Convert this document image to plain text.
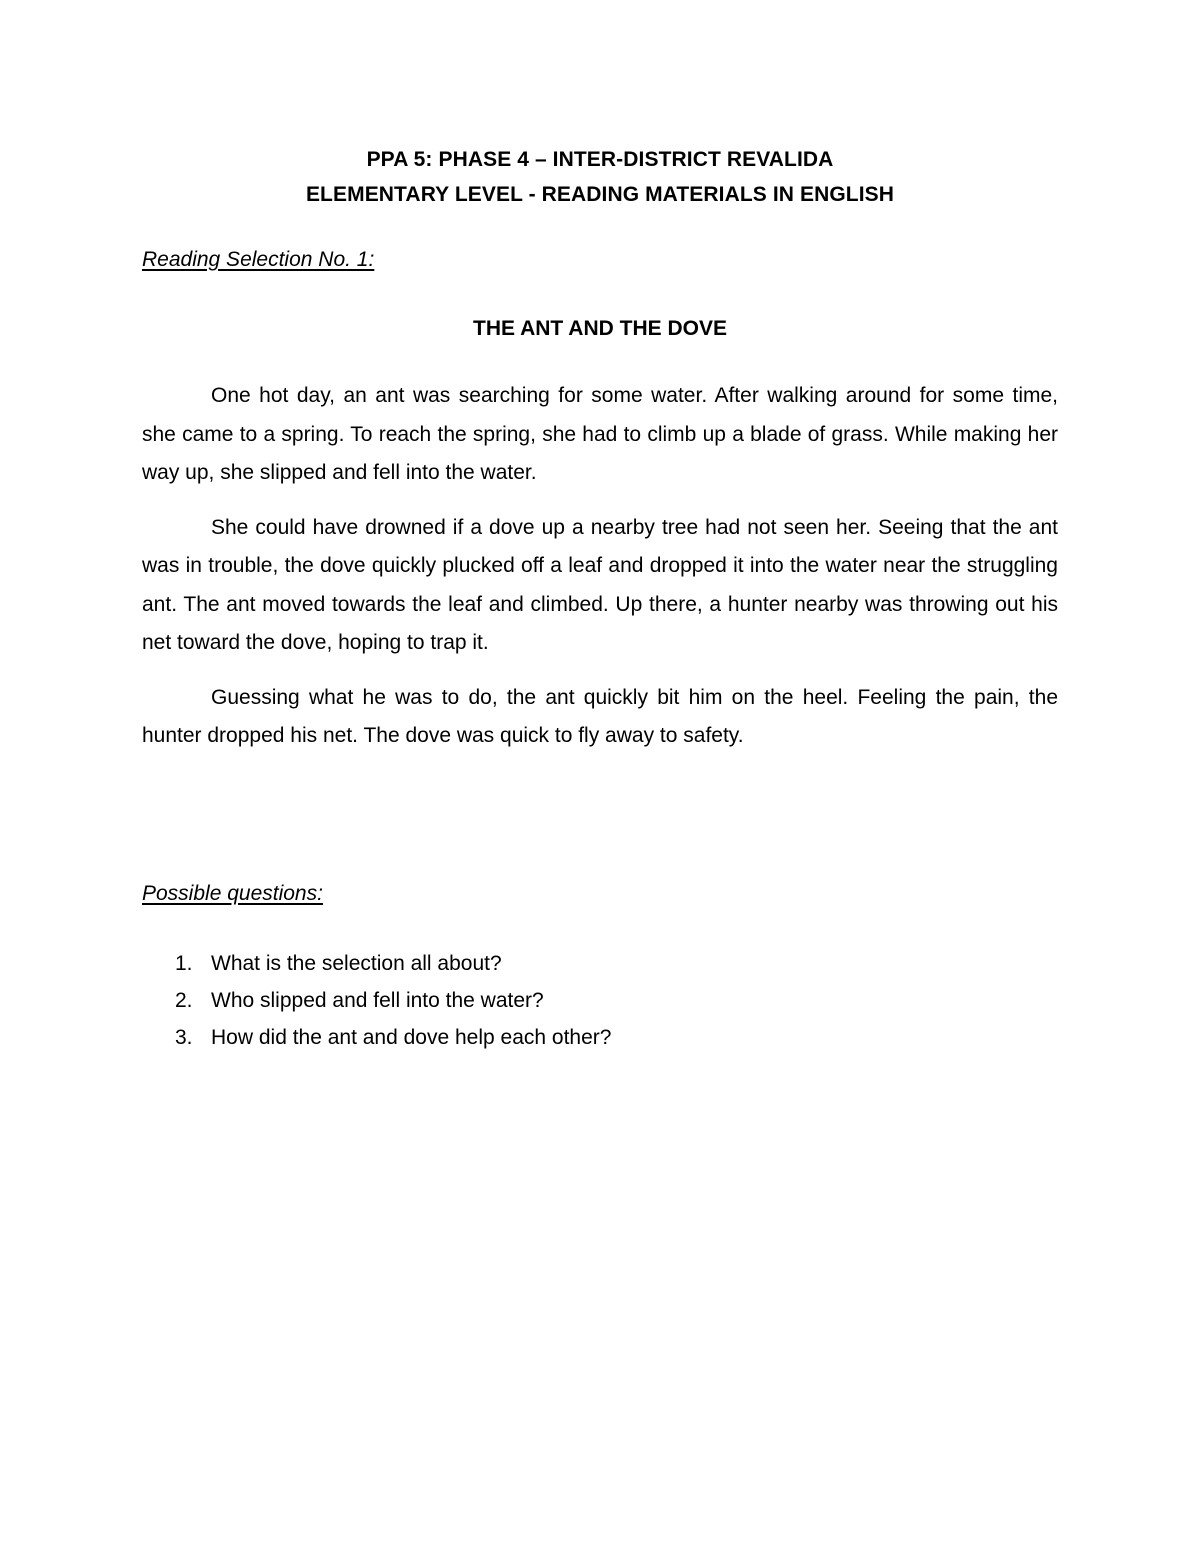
PPA 5: PHASE 4 – INTER-DISTRICT REVALIDA
ELEMENTARY LEVEL - READING MATERIALS IN ENGLISH
Reading Selection No. 1:
THE ANT AND THE DOVE

One hot day, an ant was searching for some water. After walking around for some time, she came to a spring. To reach the spring, she had to climb up a blade of grass. While making her way up, she slipped and fell into the water.

She could have drowned if a dove up a nearby tree had not seen her. Seeing that the ant was in trouble, the dove quickly plucked off a leaf and dropped it into the water near the struggling ant. The ant moved towards the leaf and climbed. Up there, a hunter nearby was throwing out his net toward the dove, hoping to trap it.

Guessing what he was to do, the ant quickly bit him on the heel. Feeling the pain, the hunter dropped his net. The dove was quick to fly away to safety.

Possible questions:
1. What is the selection all about?
2. Who slipped and fell into the water?
3. How did the ant and dove help each other?
